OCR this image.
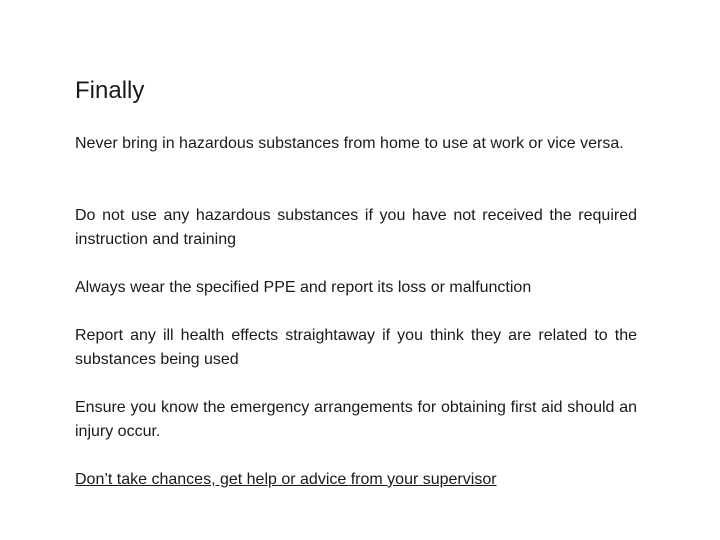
Finally

Never bring in hazardous substances from home to use at work or vice versa.

Do not use any hazardous substances if you have not received the required instruction and training

Always wear the specified PPE and report its loss or malfunction

Report any ill health effects straightaway if you think they are related to the substances being used

Ensure you know the emergency arrangements for obtaining first aid should an injury occur.

Don’t take chances, get help or advice from your supervisor
